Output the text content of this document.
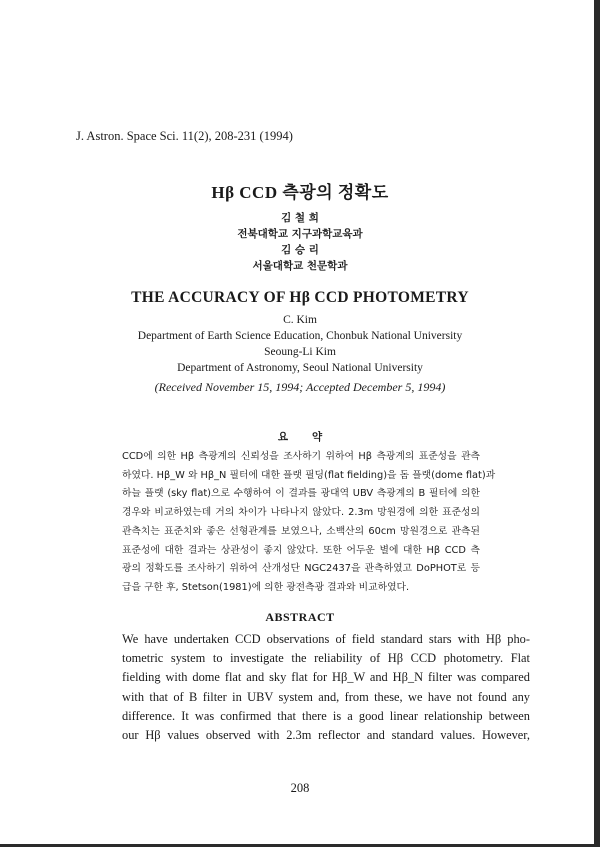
J. Astron. Space Sci. 11(2), 208-231 (1994)
Hβ CCD 측광의 정확도
김 철 희
전북대학교 지구과학교육과
김 승 리
서울대학교 천문학과
THE ACCURACY OF Hβ CCD PHOTOMETRY
C. Kim
Department of Earth Science Education, Chonbuk National University
Seoung-Li Kim
Department of Astronomy, Seoul National University
(Received November 15, 1994; Accepted December 5, 1994)
요 약
CCD에 의한 Hβ 측광계의 신뢰성을 조사하기 위하여 Hβ 측광계의 표준성을 관측
하였다. Hβ_W 와 Hβ_N 필터에 대한 플랫 필딩(flat fielding)을 돔 플랫(dome flat)과
하늘 플랫 (sky flat)으로 수행하여 이 결과를 광대역 UBV 측광계의 B 필터에 의한
경우와 비교하였는데 거의 차이가 나타나지 않았다. 2.3m 망원경에 의한 표준성의
관측치는 표준치와 좋은 선형관계를 보였으나, 소백산의 60cm 망원경으로 관측된
표준성에 대한 결과는 상관성이 좋지 않았다. 또한 어두운 별에 대한 Hβ CCD 측
광의 정확도를 조사하기 위하여 산개성단 NGC2437을 관측하였고 DoPHOT로 등
급을 구한 후, Stetson(1981)에 의한 광전측광 결과와 비교하였다.
ABSTRACT
We have undertaken CCD observations of field standard stars with Hβ pho-
tometric system to investigate the reliability of Hβ CCD photometry. Flat
fielding with dome flat and sky flat for Hβ_W and Hβ_N filter was compared
with that of B filter in UBV system and, from these, we have not found any
difference. It was confirmed that there is a good linear relationship between
our Hβ values observed with 2.3m reflector and standard values. However,
208
